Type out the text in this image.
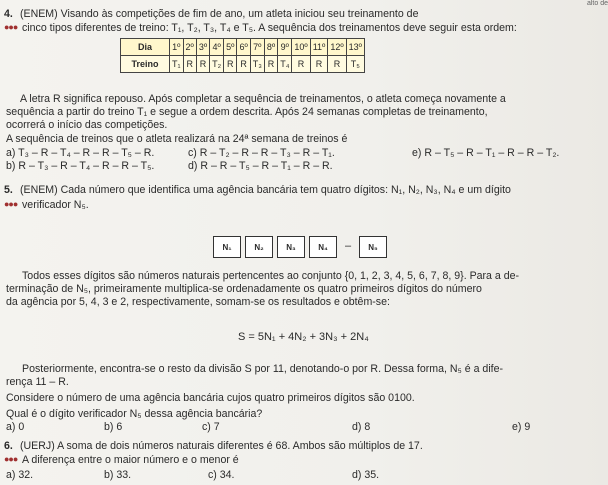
alto de
4. (ENEM) Visando às competições de fim de ano, um atleta iniciou seu treinamento de
●●● cinco tipos diferentes de treino: T₁, T₂, T₃, T₄ e T₅. A sequência dos treinamentos deve seguir esta ordem:
Dia	1º	2º	3º	4º	5º	6º	7º	8º	9º	10º	11º	12º	13º
Treino	T₁	R	R	T₂	R	R	T₃	R	T₄	R	R	R	T₅
A letra R significa repouso. Após completar a sequência de treinamentos, o atleta começa novamente a
sequência a partir do treino T₁ e segue a ordem descrita. Após 24 semanas completas de treinamento,
ocorrerá o início das competições.
A sequência de treinos que o atleta realizará na 24ª semana de treinos é
a) T₃ – R – T₄ – R – R – T₅ – R.
b) R – T₃ – R – T₄ – R – R – T₅.
c) R – T₂ – R – R – T₃ – R – T₁.
d) R – R – T₅ – R – T₁ – R – R.
e) R – T₅ – R – T₁ – R – R – T₂.
5. (ENEM) Cada número que identifica uma agência bancária tem quatro dígitos: N₁, N₂, N₃, N₄ e um dígito
●●● verificador N₅.
N₁	N₂	N₃	N₄	–	N₅
Todos esses dígitos são números naturais pertencentes ao conjunto {0, 1, 2, 3, 4, 5, 6, 7, 8, 9}. Para a de-
terminação de N₅, primeiramente multiplica-se ordenadamente os quatro primeiros dígitos do número
da agência por 5, 4, 3 e 2, respectivamente, somam-se os resultados e obtêm-se:
S = 5N₁ + 4N₂ + 3N₃ + 2N₄
Posteriormente, encontra-se o resto da divisão S por 11, denotando-o por R. Dessa forma, N₅ é a dife-
rença 11 – R.
Considere o número de uma agência bancária cujos quatro primeiros dígitos são 0100.
Qual é o dígito verificador N₅ dessa agência bancária?
a) 0	b) 6	c) 7	d) 8	e) 9
6. (UERJ) A soma de dois números naturais diferentes é 68. Ambos são múltiplos de 17.
●●● A diferença entre o maior número e o menor é
a) 32.	b) 33.	c) 34.	d) 35.
